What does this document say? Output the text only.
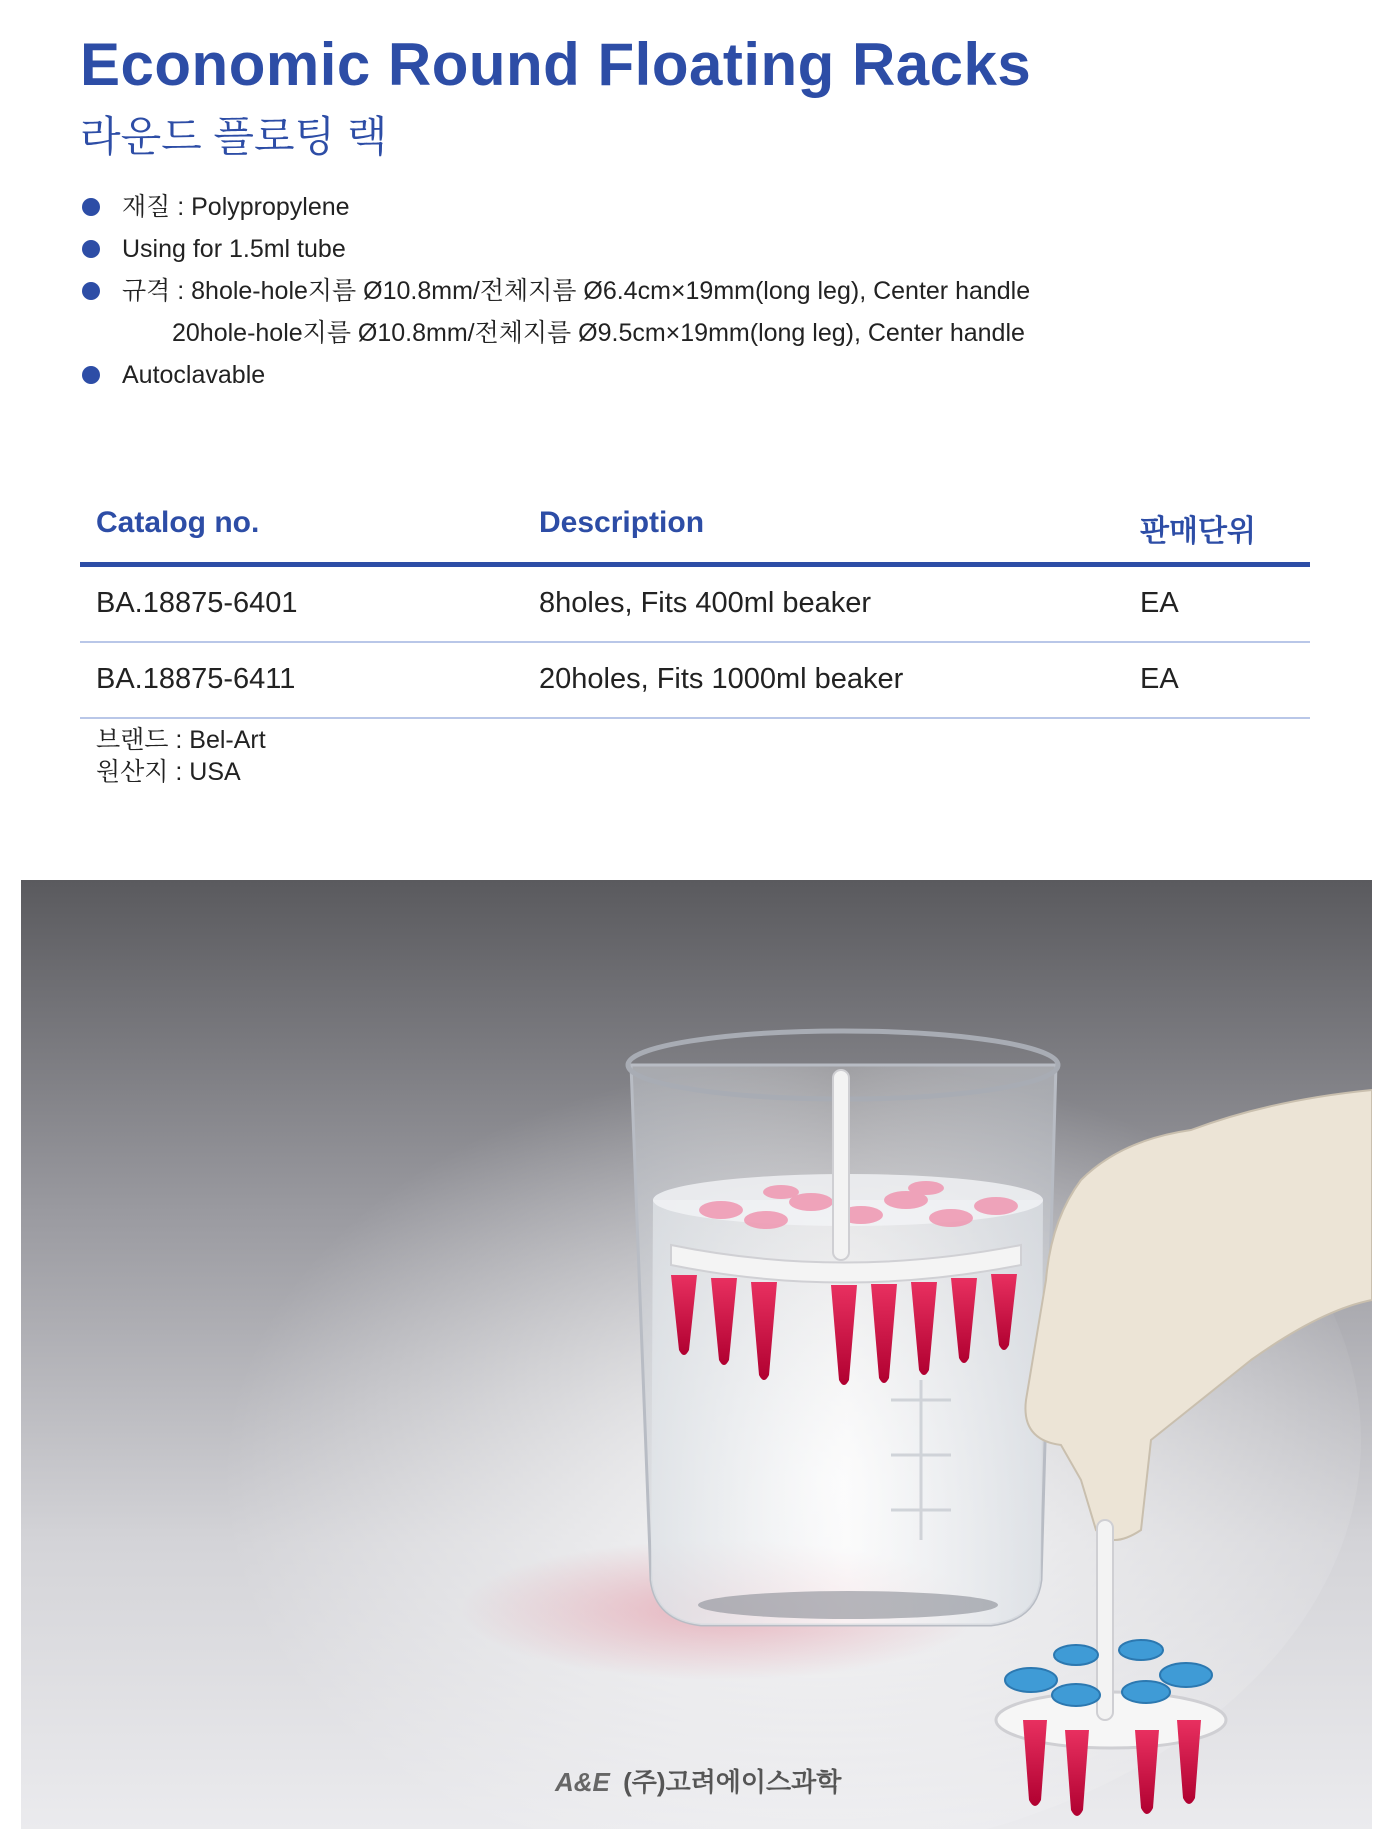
Economic Round Floating Racks
라운드 플로팅 랙
재질 : Polypropylene
Using for 1.5ml tube
규격 : 8hole-hole지름 Ø10.8mm/전체지름 Ø6.4cm×19mm(long leg), Center handle
20hole-hole지름 Ø10.8mm/전체지름 Ø9.5cm×19mm(long leg), Center handle
Autoclavable
Catalog no.	Description	판매단위
BA.18875-6401	8holes, Fits 400ml beaker	EA
BA.18875-6411	20holes, Fits 1000ml beaker	EA
브랜드 : Bel-Art
원산지 : USA
A&E (주)고려에이스과학
